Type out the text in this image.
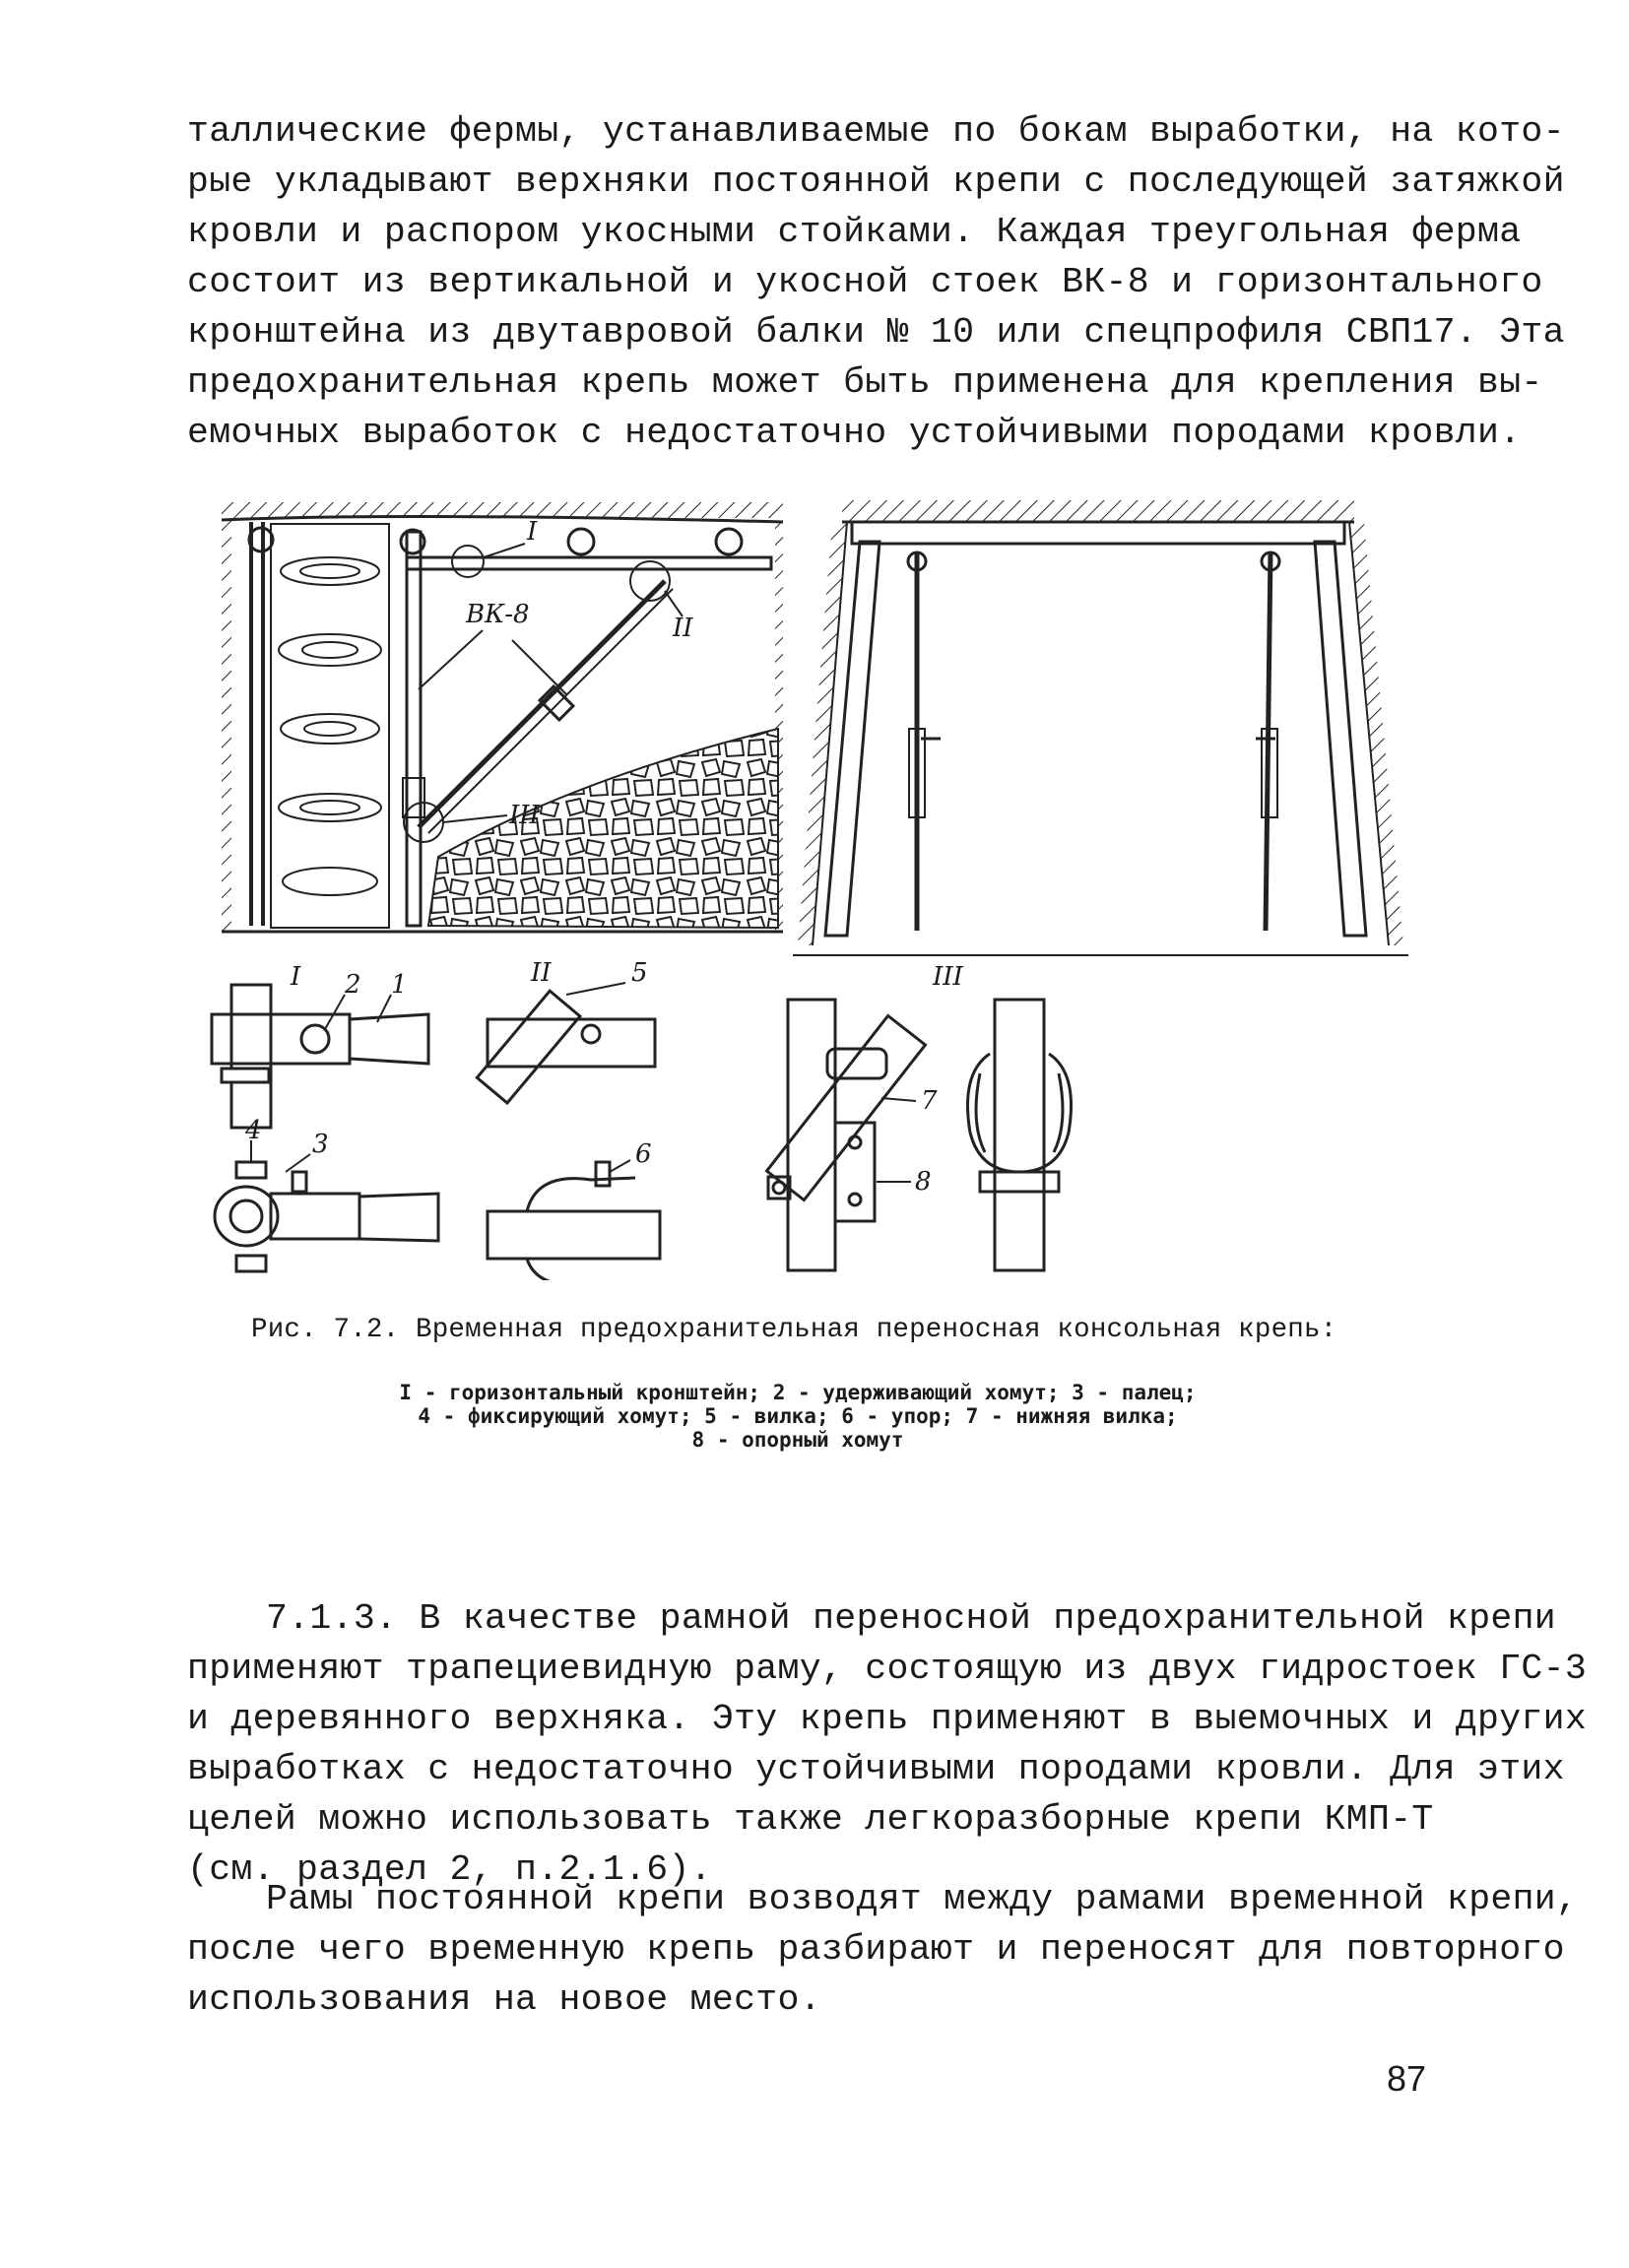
таллические фермы, устанавливаемые по бокам выработки, на кото-
рые укладывают верхняки постоянной крепи с последующей затяжкой
кровли и распором укосными стойками. Каждая треугольная ферма
состоит из вертикальной и укосной стоек ВК-8 и горизонтального
кронштейна из двутавровой балки № 10 или спецпрофиля СВП17. Эта
предохранительная крепь может быть применена для крепления вы-
емочных выработок с недостаточно устойчивыми породами кровли.

I
ВК-8	II
III
I 2 1
4 3
II	5
6
III
7
8

Рис. 7.2. Временная предохранительная переносная консольная крепь:

I - горизонтальный кронштейн; 2 - удерживающий хомут; 3 - палец;
4 - фиксирующий хомут; 5 - вилка; 6 - упор; 7 - нижняя вилка;
8 - опорный хомут

7.1.3. В качестве рамной переносной предохранительной крепи
применяют трапециевидную раму, состоящую из двух гидростоек ГС-3
и деревянного верхняка. Эту крепь применяют в выемочных и других
выработках с недостаточно устойчивыми породами кровли. Для этих
целей можно использовать также легкоразборные крепи КМП-Т
(см. раздел 2, п.2.1.6).

Рамы постоянной крепи возводят между рамами временной крепи,
после чего временную крепь разбирают и переносят для повторного
использования на новое место.

87
